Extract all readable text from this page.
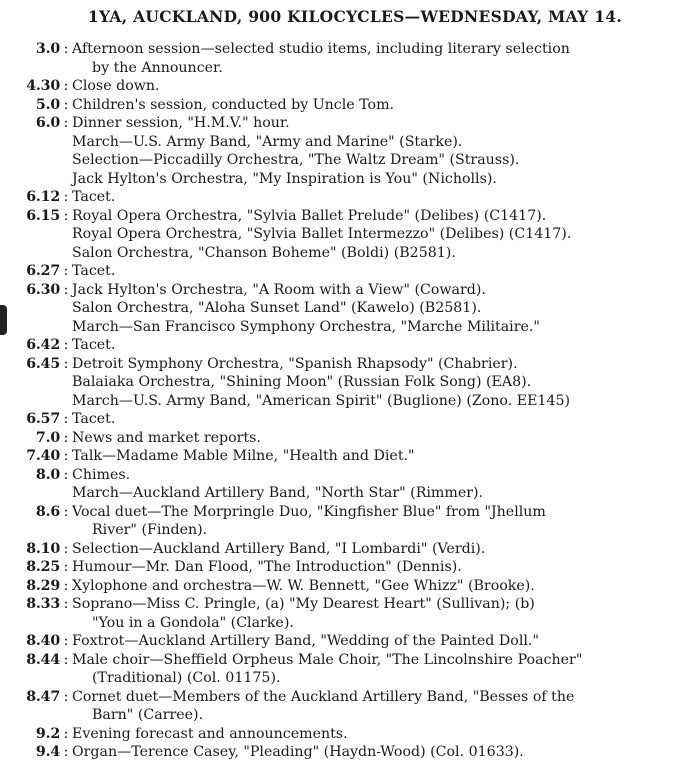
1YA, AUCKLAND, 900 KILOCYCLES—WEDNESDAY, MAY 14.
3.0 : Afternoon session—selected studio items, including literary selection
by the Announcer.
4.30 : Close down.
5.0 : Children's session, conducted by Uncle Tom.
6.0 : Dinner session, "H.M.V." hour.
March—U.S. Army Band, "Army and Marine" (Starke).
Selection—Piccadilly Orchestra, "The Waltz Dream" (Strauss).
Jack Hylton's Orchestra, "My Inspiration is You" (Nicholls).
6.12 : Tacet.
6.15 : Royal Opera Orchestra, "Sylvia Ballet Prelude" (Delibes) (C1417).
Royal Opera Orchestra, "Sylvia Ballet Intermezzo" (Delibes) (C1417).
Salon Orchestra, "Chanson Boheme" (Boldi) (B2581).
6.27 : Tacet.
6.30 : Jack Hylton's Orchestra, "A Room with a View" (Coward).
Salon Orchestra, "Aloha Sunset Land" (Kawelo) (B2581).
March—San Francisco Symphony Orchestra, "Marche Militaire."
6.42 : Tacet.
6.45 : Detroit Symphony Orchestra, "Spanish Rhapsody" (Chabrier).
Balaiaka Orchestra, "Shining Moon" (Russian Folk Song) (EA8).
March—U.S. Army Band, "American Spirit" (Buglione) (Zono. EE145)
6.57 : Tacet.
7.0 : News and market reports.
7.40 : Talk—Madame Mable Milne, "Health and Diet."
8.0 : Chimes.
March—Auckland Artillery Band, "North Star" (Rimmer).
8.6 : Vocal duet—The Morpringle Duo, "Kingfisher Blue" from "Jhellum
River" (Finden).
8.10 : Selection—Auckland Artillery Band, "I Lombardi" (Verdi).
8.25 : Humour—Mr. Dan Flood, "The Introduction" (Dennis).
8.29 : Xylophone and orchestra—W. W. Bennett, "Gee Whizz" (Brooke).
8.33 : Soprano—Miss C. Pringle, (a) "My Dearest Heart" (Sullivan); (b)
"You in a Gondola" (Clarke).
8.40 : Foxtrot—Auckland Artillery Band, "Wedding of the Painted Doll."
8.44 : Male choir—Sheffield Orpheus Male Choir, "The Lincolnshire Poacher"
(Traditional) (Col. 01175).
8.47 : Cornet duet—Members of the Auckland Artillery Band, "Besses of the
Barn" (Carree).
9.2 : Evening forecast and announcements.
9.4 : Organ—Terence Casey, "Pleading" (Haydn-Wood) (Col. 01633).
